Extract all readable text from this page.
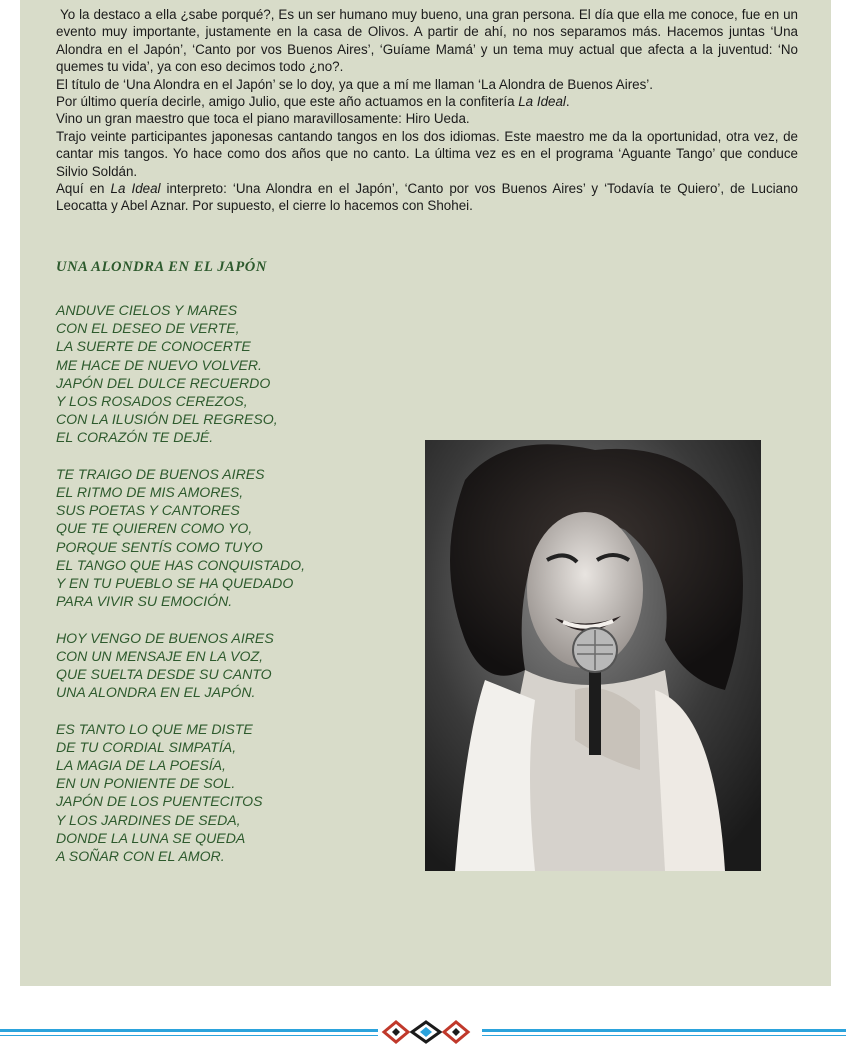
Yo la destaco a ella ¿sabe porqué?, Es un ser humano muy bueno, una gran persona. El día que ella me conoce, fue en un evento muy importante, justamente en la casa de Olivos. A partir de ahí, no nos separamos más. Hacemos juntas ‘Una Alondra en el Japón’, ‘Canto por vos Buenos Aires’, ‘Guíame Mamá’ y un tema muy actual que afecta a la juventud: ‘No quemes tu vida’, ya con eso decimos todo ¿no?.

El título de ‘Una Alondra en el Japón’ se lo doy, ya que a mí me llaman ‘La Alondra de Buenos Aires’.

Por último quería decirle, amigo Julio, que este año actuamos en la confitería La Ideal.

Vino un gran maestro que toca el piano maravillosamente: Hiro Ueda.

Trajo veinte participantes japonesas cantando tangos en los dos idiomas. Este maestro me da la oportunidad, otra vez, de cantar mis tangos. Yo hace como dos años que no canto. La última vez es en el programa ‘Aguante Tango’ que conduce Silvio Soldán.

Aquí en La Ideal interpreto: ‘Una Alondra en el Japón’, ‘Canto por vos Buenos Aires’ y ‘Todavía te Quiero’, de Luciano Leocatta y Abel Aznar. Por supuesto, el cierre lo hacemos con Shohei.

UNA ALONDRA EN EL JAPÓN
ANDUVE CIELOS Y MARES
CON EL DESEO DE VERTE,
LA SUERTE DE CONOCERTE
ME HACE DE NUEVO VOLVER.
JAPÓN DEL DULCE RECUERDO
Y LOS ROSADOS CEREZOS,
CON LA ILUSIÓN DEL REGRESO,
EL CORAZÓN TE DEJÉ.
TE TRAIGO DE BUENOS AIRES
EL RITMO DE MIS AMORES,
SUS POETAS Y CANTORES
QUE TE QUIEREN COMO YO,
PORQUE SENTÍS COMO TUYO
EL TANGO QUE HAS CONQUISTADO,
Y EN TU PUEBLO SE HA QUEDADO
PARA VIVIR SU EMOCIÓN.
HOY VENGO DE BUENOS AIRES
CON UN MENSAJE EN LA VOZ,
QUE SUELTA DESDE SU CANTO
UNA ALONDRA EN EL JAPÓN.
ES TANTO LO QUE ME DISTE
DE TU CORDIAL SIMPATÍA,
LA MAGIA DE LA POESÍA,
EN UN PONIENTE DE SOL.
JAPÓN DE LOS PUENTECITOS
Y LOS JARDINES DE SEDA,
DONDE LA LUNA SE QUEDA
A SOÑAR CON EL AMOR.
